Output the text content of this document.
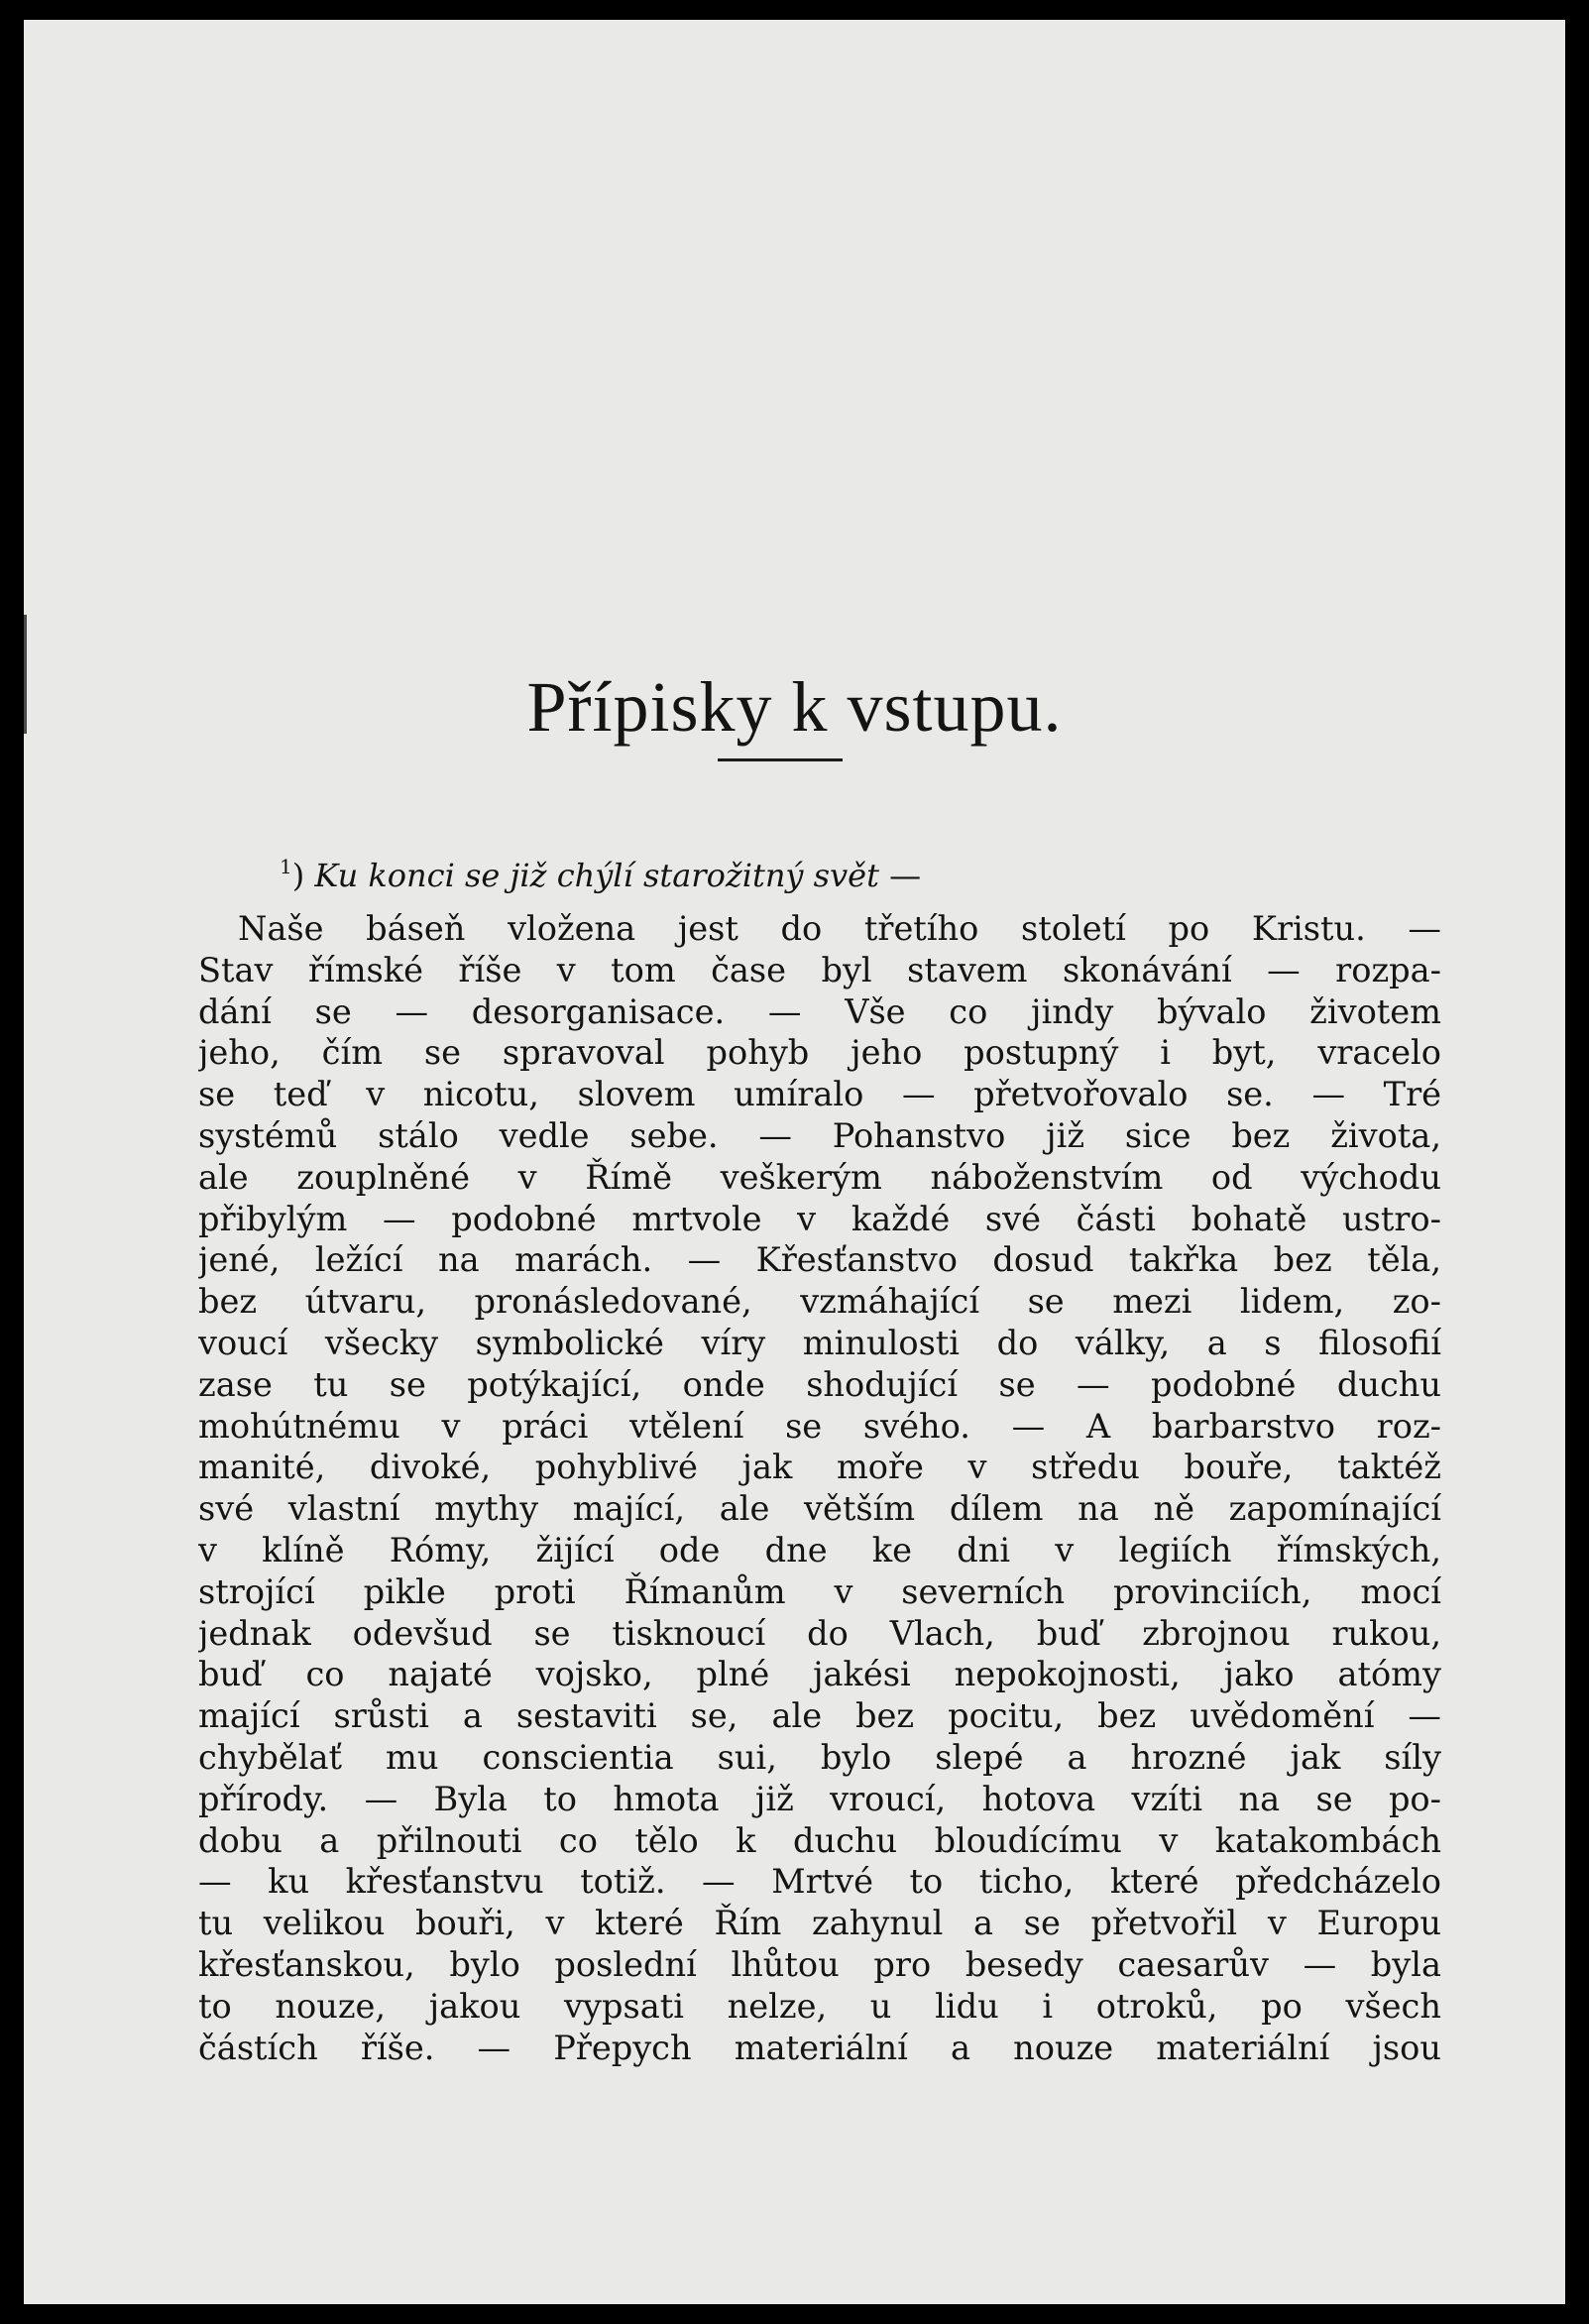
Přípisky k vstupu.
$^1$) Ku konci se již chýlí starožitný svět —
Naše báseň vložena jest do třetího století po Kristu. —
Stav římské říše v tom čase byl stavem skonávání — rozpa-
dání se — desorganisace. — Vše co jindy bývalo životem
jeho, čím se spravoval pohyb jeho postupný i byt, vracelo
se teď v nicotu, slovem umíralo — přetvořovalo se. — Tré
systémů stálo vedle sebe. — Pohanstvo již sice bez života,
ale zouplněné v Římě veškerým náboženstvím od východu
přibylým — podobné mrtvole v každé své části bohatě ustro-
jené, ležící na marách. — Křesťanstvo dosud takřka bez těla,
bez útvaru, pronásledované, vzmáhající se mezi lidem, zo-
voucí všecky symbolické víry minulosti do války, a s filosofií
zase tu se potýkající, onde shodující se — podobné duchu
mohútnému v práci vtělení se svého. — A barbarstvo roz-
manité, divoké, pohyblivé jak moře v středu bouře, taktéž
své vlastní mythy mající, ale větším dílem na ně zapomínající
v klíně Rómy, žijící ode dne ke dni v legiích římských,
strojící pikle proti Římanům v severních provinciích, mocí
jednak odevšud se tisknoucí do Vlach, buď zbrojnou rukou,
buď co najaté vojsko, plné jakési nepokojnosti, jako atómy
mající srůsti a sestaviti se, ale bez pocitu, bez uvědomění —
chybělať mu conscientia sui, bylo slepé a hrozné jak síly
přírody. — Byla to hmota již vroucí, hotova vzíti na se po-
dobu a přilnouti co tělo k duchu bloudícímu v katakombách
— ku křesťanstvu totiž. — Mrtvé to ticho, které předcházelo
tu velikou bouři, v které Řím zahynul a se přetvořil v Europu
křesťanskou, bylo poslední lhůtou pro besedy caesarův — byla
to nouze, jakou vypsati nelze, u lidu i otroků, po všech
částích říše. — Přepych materiální a nouze materiální jsou
